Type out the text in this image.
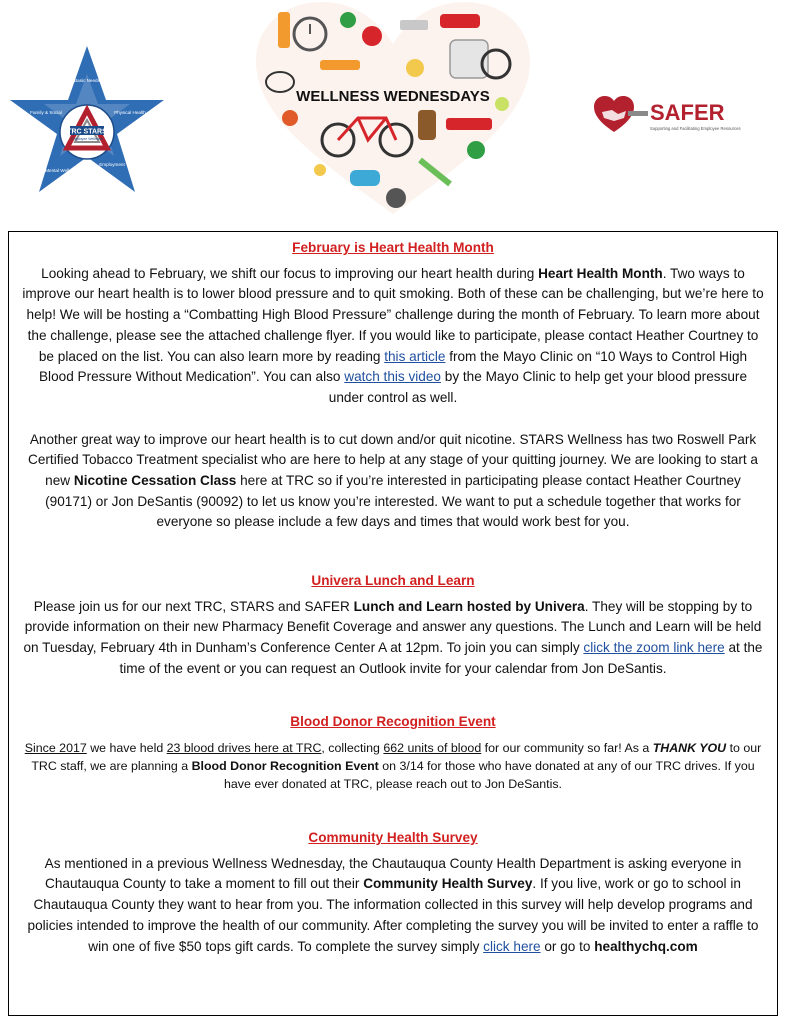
TRC STARS
Employee Wellness
Basic Needs
Family & Social	Physical Health
Mental Wellness
Employment
WELLNESS WEDNESDAYS
SAFER
Supporting and Facilitating Employee Resources

February is Heart Health Month

Looking ahead to February, we shift our focus to improving our heart health during Heart Health Month. Two ways to improve our heart health is to lower blood pressure and to quit smoking. Both of these can be challenging, but we’re here to help! We will be hosting a “Combatting High Blood Pressure” challenge during the month of February. To learn more about the challenge, please see the attached challenge flyer. If you would like to participate, please contact Heather Courtney to be placed on the list. You can also learn more by reading this article from the Mayo Clinic on “10 Ways to Control High Blood Pressure Without Medication”. You can also watch this video by the Mayo Clinic to help get your blood pressure under control as well.

Another great way to improve our heart health is to cut down and/or quit nicotine. STARS Wellness has two Roswell Park Certified Tobacco Treatment specialist who are here to help at any stage of your quitting journey. We are looking to start a new Nicotine Cessation Class here at TRC so if you’re interested in participating please contact Heather Courtney (90171) or Jon DeSantis (90092) to let us know you’re interested. We want to put a schedule together that works for everyone so please include a few days and times that would work best for you.

Univera Lunch and Learn

Please join us for our next TRC, STARS and SAFER Lunch and Learn hosted by Univera. They will be stopping by to provide information on their new Pharmacy Benefit Coverage and answer any questions. The Lunch and Learn will be held on Tuesday, February 4th in Dunham’s Conference Center A at 12pm. To join you can simply click the zoom link here at the time of the event or you can request an Outlook invite for your calendar from Jon DeSantis.

Blood Donor Recognition Event

Since 2017 we have held 23 blood drives here at TRC, collecting 662 units of blood for our community so far! As a THANK YOU to our TRC staff, we are planning a Blood Donor Recognition Event on 3/14 for those who have donated at any of our TRC drives. If you have ever donated at TRC, please reach out to Jon DeSantis.

Community Health Survey

As mentioned in a previous Wellness Wednesday, the Chautauqua County Health Department is asking everyone in Chautauqua County to take a moment to fill out their Community Health Survey. If you live, work or go to school in Chautauqua County they want to hear from you. The information collected in this survey will help develop programs and policies intended to improve the health of our community. After completing the survey you will be invited to enter a raffle to win one of five $50 tops gift cards. To complete the survey simply click here or go to healthychq.com
